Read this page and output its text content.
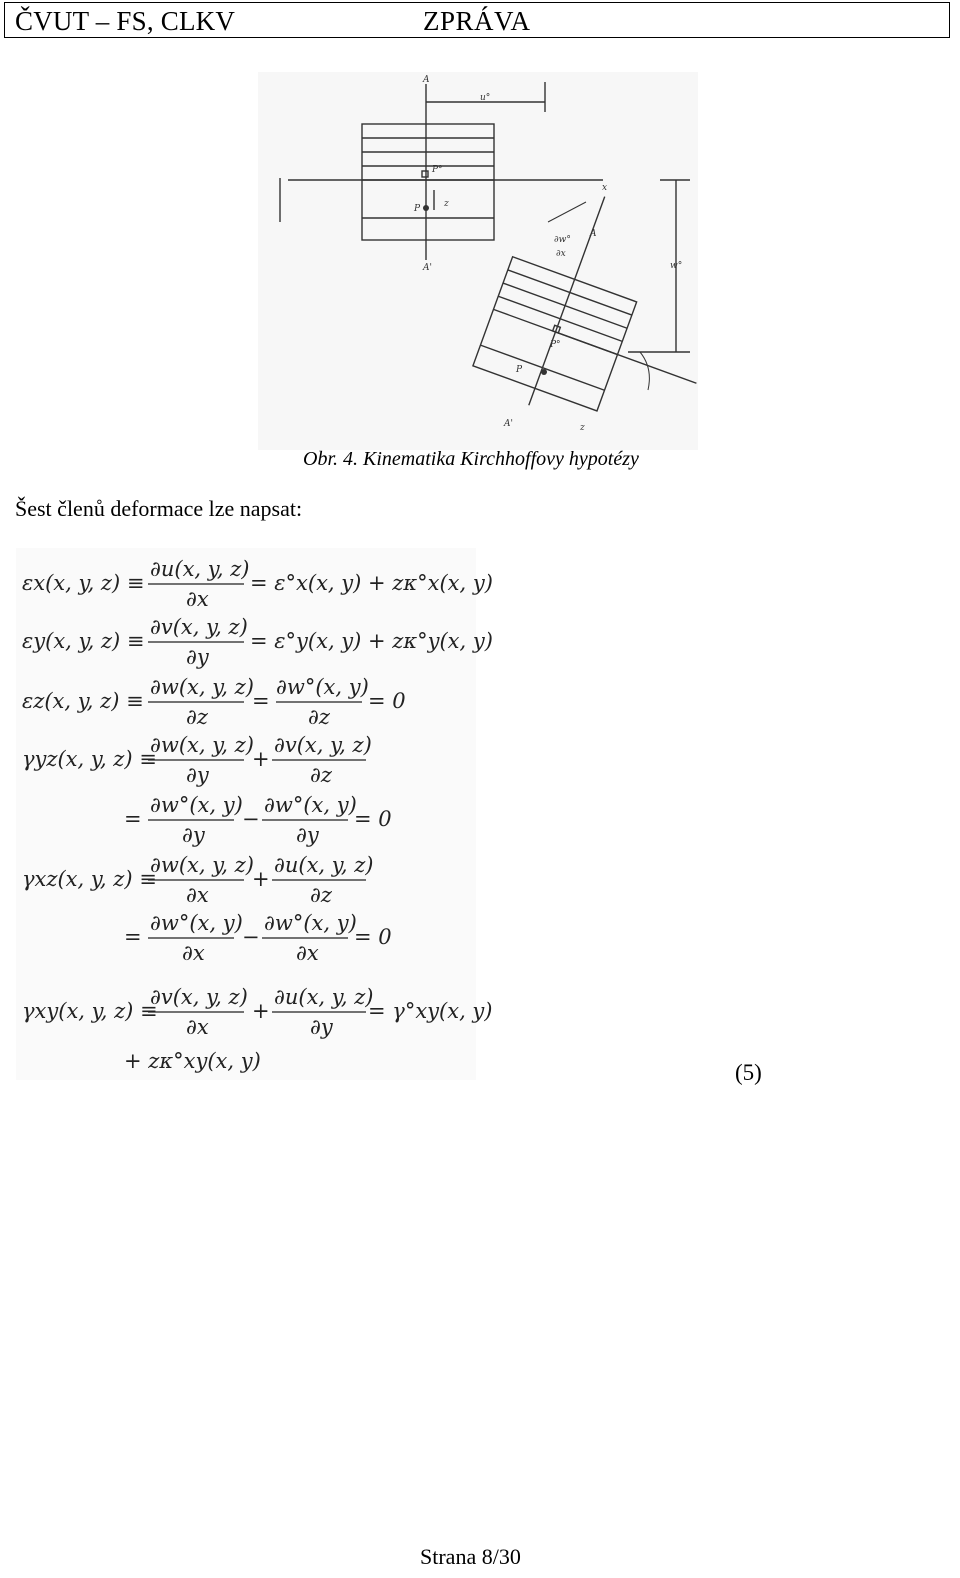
ČVUT – FS, CLKV	ZPRÁVA
A
A'
u°
P°
P	z
x
∂w°
∂x
w°
A
A'
P°
P
z
Obr. 4. Kinematika Kirchhoffovy hypotézy
Šest členů deformace lze napsat:
εx(x, y, z) ≡
∂u(x, y, z)
∂x
= ε°x(x, y) + zκ°x(x, y)
εy(x, y, z) ≡
∂v(x, y, z)
∂y
= ε°y(x, y) + zκ°y(x, y)
εz(x, y, z) ≡
∂w(x, y, z)
∂z
=
∂w°(x, y)
∂z
= 0
γyz(x, y, z) ≡
∂w(x, y, z)
∂y
+
∂v(x, y, z)
∂z
=
∂w°(x, y)
∂y
−
∂w°(x, y)
∂y
= 0
γxz(x, y, z) ≡
∂w(x, y, z)
∂x
+
∂u(x, y, z)
∂z
=
∂w°(x, y)
∂x
−
∂w°(x, y)
∂x
= 0
γxy(x, y, z) ≡
∂v(x, y, z)
∂x
+
∂u(x, y, z)
∂y
= γ°xy(x, y)
+ zκ°xy(x, y)	(5)
Strana 8/30
